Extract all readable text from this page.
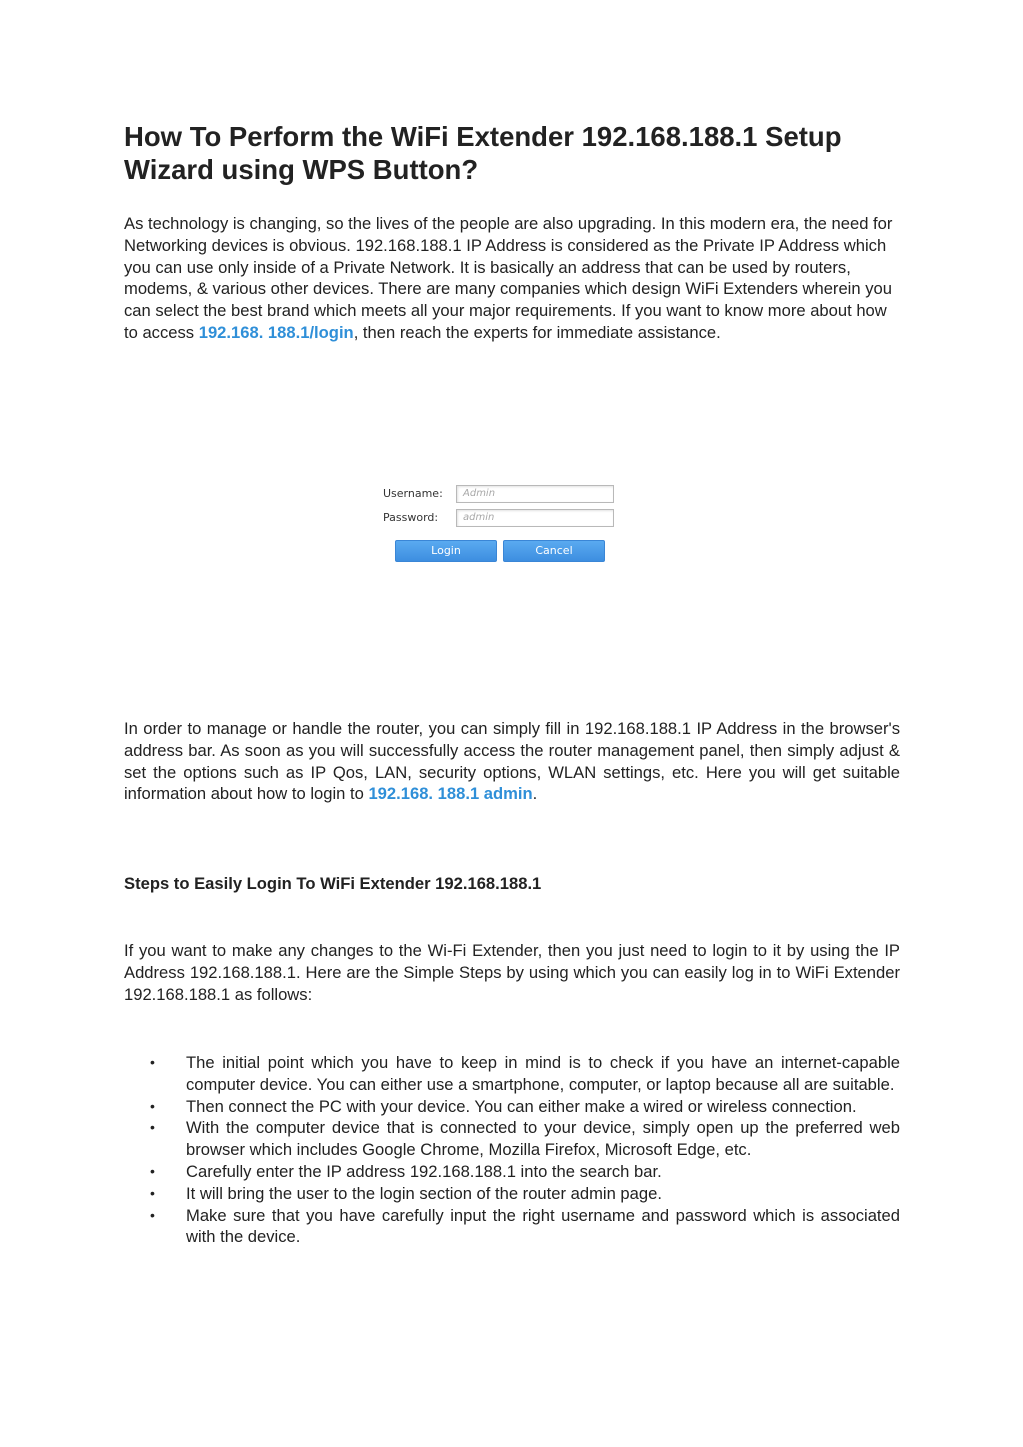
How To Perform the WiFi Extender 192.168.188.1 Setup Wizard using WPS Button?

As technology is changing, so the lives of the people are also upgrading. In this modern era, the need for Networking devices is obvious. 192.168.188.1 IP Address is considered as the Private IP Address which you can use only inside of a Private Network. It is basically an address that can be used by routers, modems, & various other devices. There are many companies which design WiFi Extenders wherein you can select the best brand which meets all your major requirements. If you want to know more about how to access 192.168. 188.1/login, then reach the experts for immediate assistance.

In order to manage or handle the router, you can simply fill in 192.168.188.1 IP Address in the browser's address bar. As soon as you will successfully access the router management panel, then simply adjust & set the options such as IP Qos, LAN, security options, WLAN settings, etc. Here you will get suitable information about how to login to 192.168. 188.1 admin.

Steps to Easily Login To WiFi Extender 192.168.188.1

If you want to make any changes to the Wi-Fi Extender, then you just need to login to it by using the IP Address 192.168.188.1. Here are the Simple Steps by using which you can easily log in to WiFi Extender 192.168.188.1 as follows:

• The initial point which you have to keep in mind is to check if you have an internet-capable computer device. You can either use a smartphone, computer, or laptop because all are suitable.
• Then connect the PC with your device. You can either make a wired or wireless connection.
• With the computer device that is connected to your device, simply open up the preferred web browser which includes Google Chrome, Mozilla Firefox, Microsoft Edge, etc.
• Carefully enter the IP address 192.168.188.1 into the search bar.
• It will bring the user to the login section of the router admin page.
• Make sure that you have carefully input the right username and password which is associated with the device.
Username:	Admin
Password:	admin
Login	Cancel
